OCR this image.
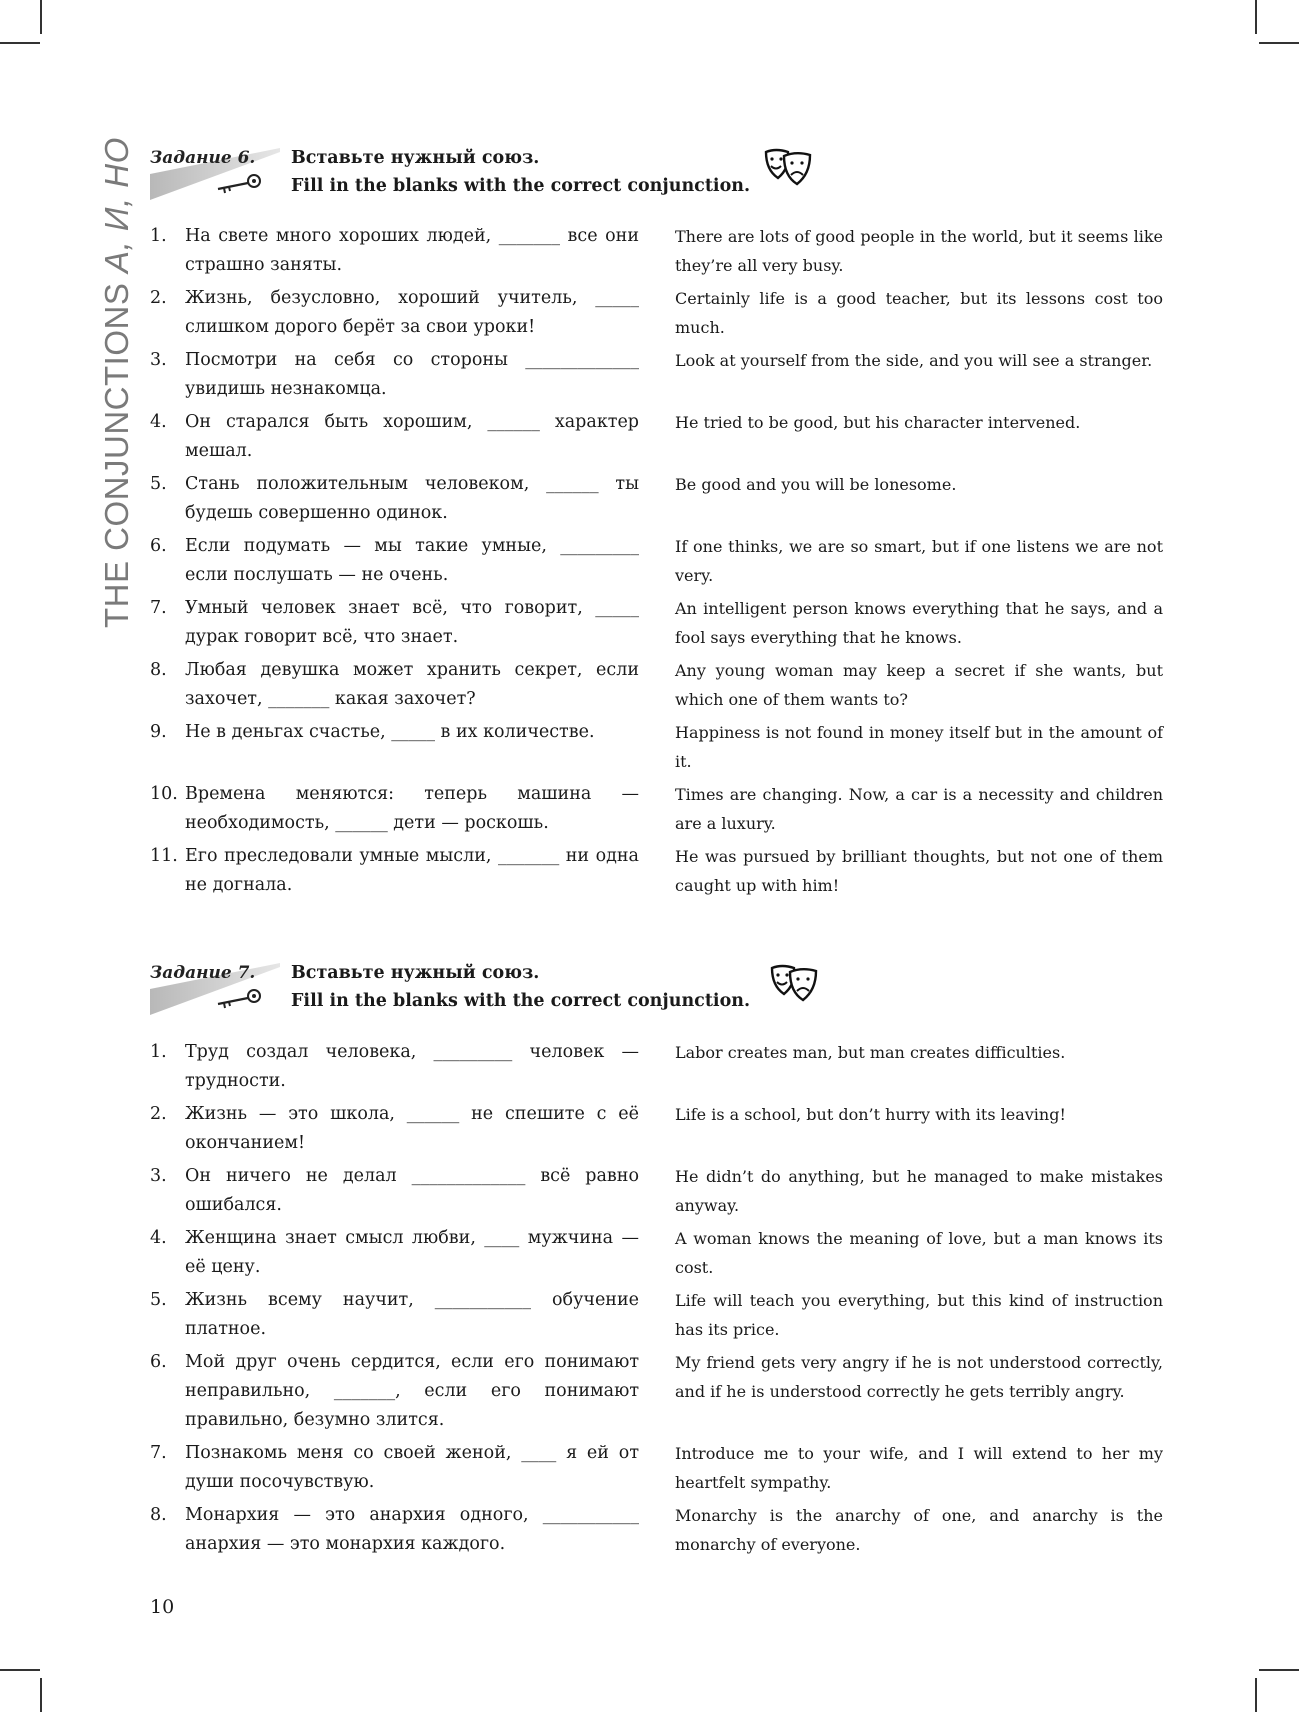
THE CONJUNCTIONS А, И, НО Задание 6. Вставьте нужный союз.
Fill in the blanks with the correct conjunction.
1.	На свете много хороших людей, _______ все они страшно заняты.
There are lots of good people in the world, but it seems like they’re all very busy.
2.	Жизнь, безусловно, хороший учитель, _____ слишком дорого берёт за свои уроки!
Certainly life is a good teacher, but its lessons cost too much.
3.	Посмотри на себя со стороны _____________ увидишь незнакомца.
Look at yourself from the side, and you will see a stranger.
4.	Он старался быть хорошим, ______ характер мешал.
He tried to be good, but his character intervened.
5.	Стань положительным человеком, ______ ты будешь совершенно одинок.
Be good and you will be lonesome.
6.	Если подумать — мы такие умные, _________ если послушать — не очень.
If one thinks, we are so smart, but if one listens we are not very.
7.	Умный человек знает всё, что говорит, _____ дурак говорит всё, что знает.
An intelligent person knows everything that he says, and a fool says everything that he knows.
8.	Любая девушка может хранить секрет, если захочет, _______ какая захочет?
Any young woman may keep a secret if she wants, but which one of them wants to?
9.	Не в деньгах счастье, _____ в их количестве.	Happiness is not found in money itself but in the amount of it.
10. Времена меняются: теперь машина — необходимость, ______ дети — роскошь.
Times are changing. Now, a car is a necessity and children are a luxury.
11. Его преследовали умные мысли, _______ ни одна не догнала.
He was pursued by brilliant thoughts, but not one of them caught up with him!
Задание 7. Вставьте нужный союз.
Fill in the blanks with the correct conjunction.
1.	Труд создал человека, _________ человек — трудности.
Labor creates man, but man creates difficulties.
2.	Жизнь — это школа, ______ не спешите с её окончанием!
Life is a school, but don’t hurry with its leaving!
3.	Он ничего не делал _____________ всё равно ошибался.
He didn’t do anything, but he managed to make mistakes anyway.
4.	Женщина знает смысл любви, ____ мужчина — её цену.
A woman knows the meaning of love, but a man knows its cost.
5.	Жизнь всему научит, ___________ обучение платное.
Life will teach you everything, but this kind of instruction has its price.
6.	Мой друг очень сердится, если его понимают неправильно, _______, если его понимают правильно, безумно злится.
My friend gets very angry if he is not understood correctly, and if he is understood correctly he gets terribly angry.
7.	Познакомь меня со своей женой, ____ я ей от души посочувствую.
Introduce me to your wife, and I will extend to her my heartfelt sympathy.
8.	Монархия — это анархия одного, ___________ анархия — это монархия каждого.
Monarchy is the anarchy of one, and anarchy is the monarchy of everyone.
10
